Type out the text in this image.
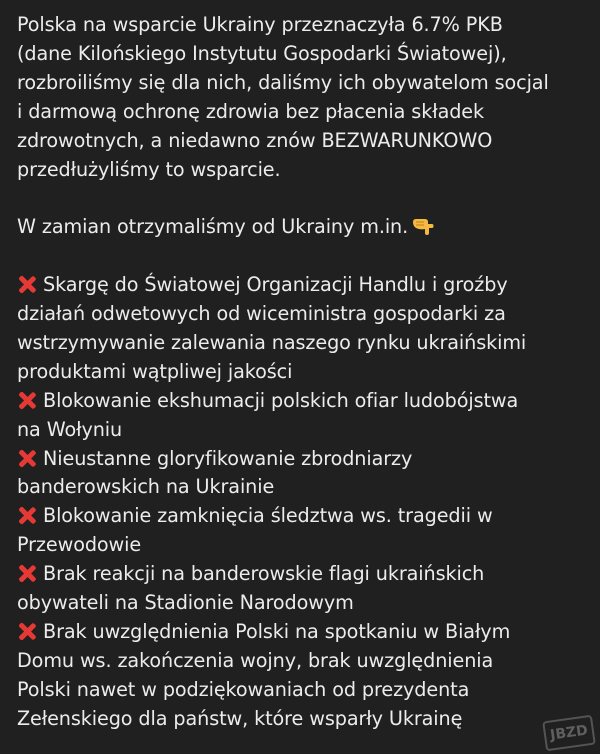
Polska na wsparcie Ukrainy przeznaczyła 6.7% PKB

(dane Kilońskiego Instytutu Gospodarki Światowej),

rozbroiliśmy się dla nich, daliśmy ich obywatelom socjal

i darmową ochronę zdrowia bez płacenia składek

zdrowotnych, a niedawno znów BEZWARUNKOWO

przedłużyliśmy to wsparcie.

W zamian otrzymaliśmy od Ukrainy m.in.

Skargę do Światowej Organizacji Handlu i groźby

działań odwetowych od wiceministra gospodarki za

wstrzymywanie zalewania naszego rynku ukraińskimi

produktami wątpliwej jakości

Blokowanie ekshumacji polskich ofiar ludobójstwa

na Wołyniu

Nieustanne gloryfikowanie zbrodniarzy

banderowskich na Ukrainie

Blokowanie zamknięcia śledztwa ws. tragedii w

Przewodowie

Brak reakcji na banderowskie flagi ukraińskich

obywateli na Stadionie Narodowym

Brak uwzględnienia Polski na spotkaniu w Białym

Domu ws. zakończenia wojny, brak uwzględnienia

Polski nawet w podziękowaniach od prezydenta

Zełenskiego dla państw, które wsparły Ukrainę

JBZD
